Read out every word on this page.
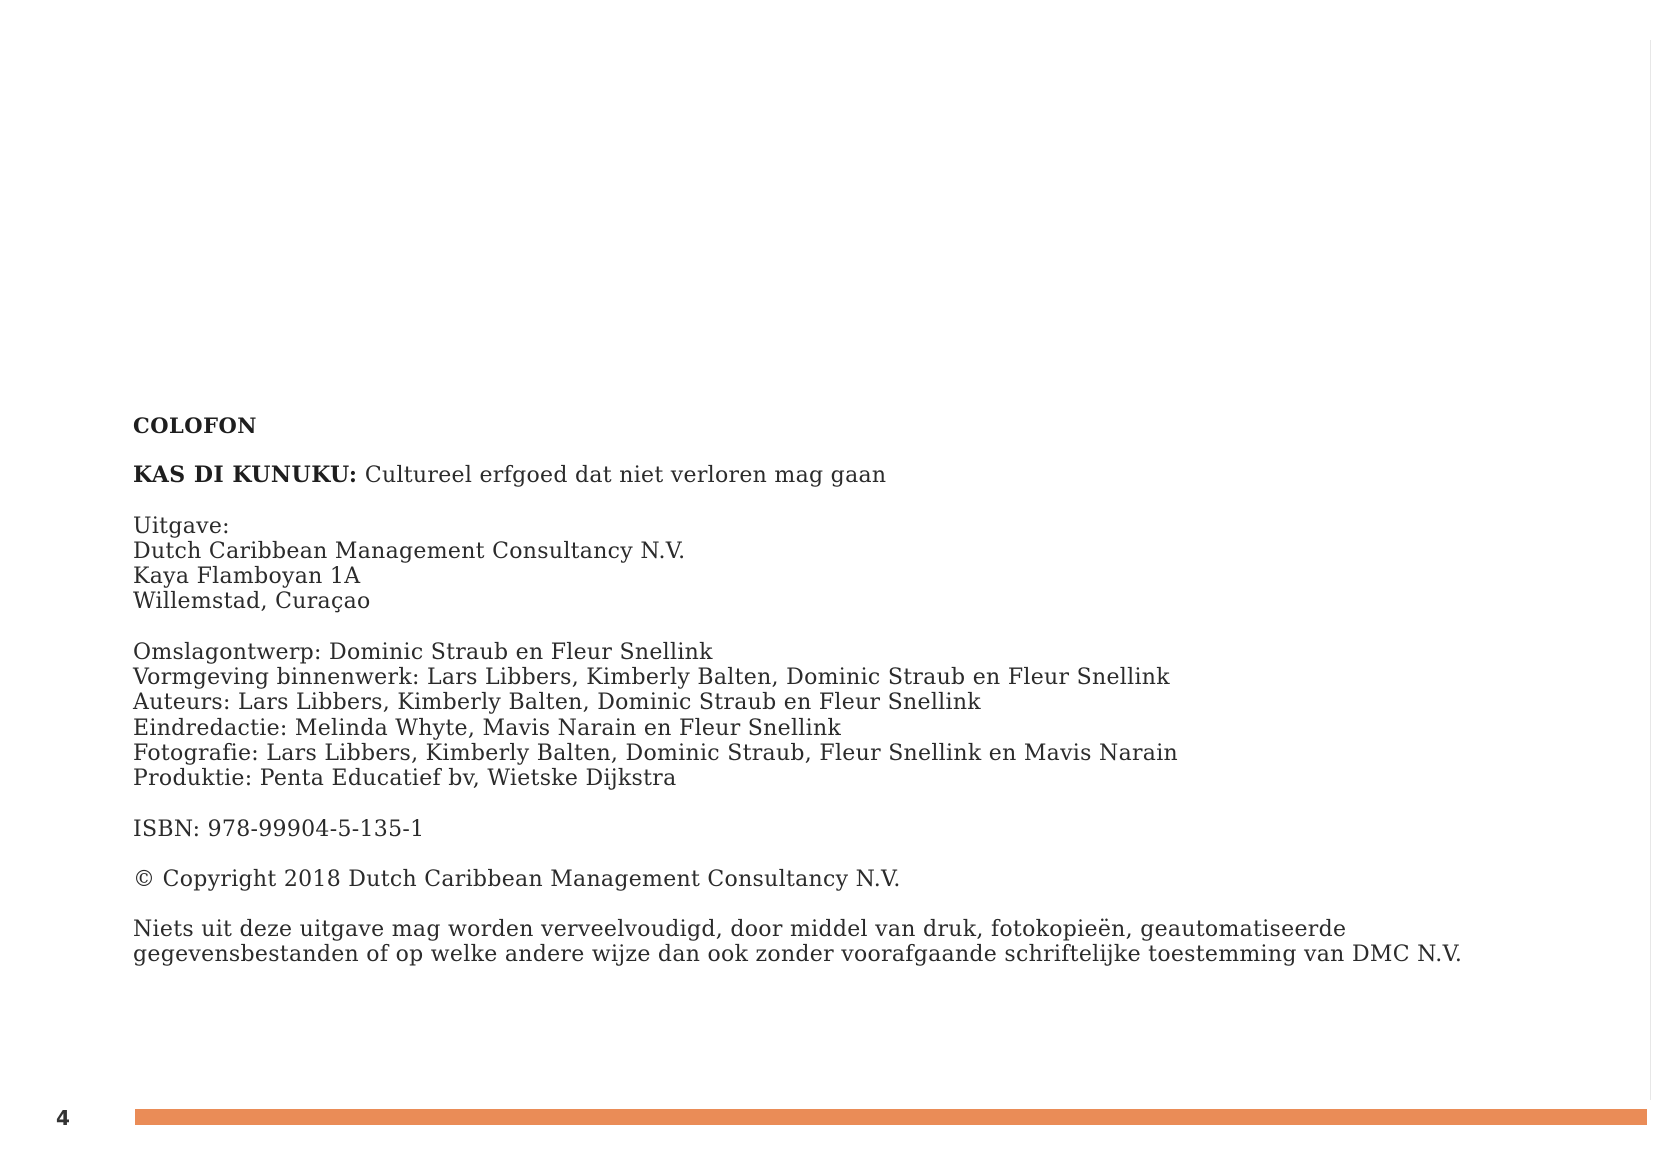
COLOFON

KAS DI KUNUKU: Cultureel erfgoed dat niet verloren mag gaan

Uitgave:
Dutch Caribbean Management Consultancy N.V.
Kaya Flamboyan 1A
Willemstad, Curaçao

Omslagontwerp: Dominic Straub en Fleur Snellink
Vormgeving binnenwerk: Lars Libbers, Kimberly Balten, Dominic Straub en Fleur Snellink
Auteurs: Lars Libbers, Kimberly Balten, Dominic Straub en Fleur Snellink
Eindredactie: Melinda Whyte, Mavis Narain en Fleur Snellink
Fotografie: Lars Libbers, Kimberly Balten, Dominic Straub, Fleur Snellink en Mavis Narain
Produktie: Penta Educatief bv, Wietske Dijkstra

ISBN: 978-99904-5-135-1

© Copyright 2018 Dutch Caribbean Management Consultancy N.V.

Niets uit deze uitgave mag worden verveelvoudigd, door middel van druk, fotokopieën, geautomatiseerde
gegevensbestanden of op welke andere wijze dan ook zonder voorafgaande schriftelijke toestemming van DMC N.V.

4
